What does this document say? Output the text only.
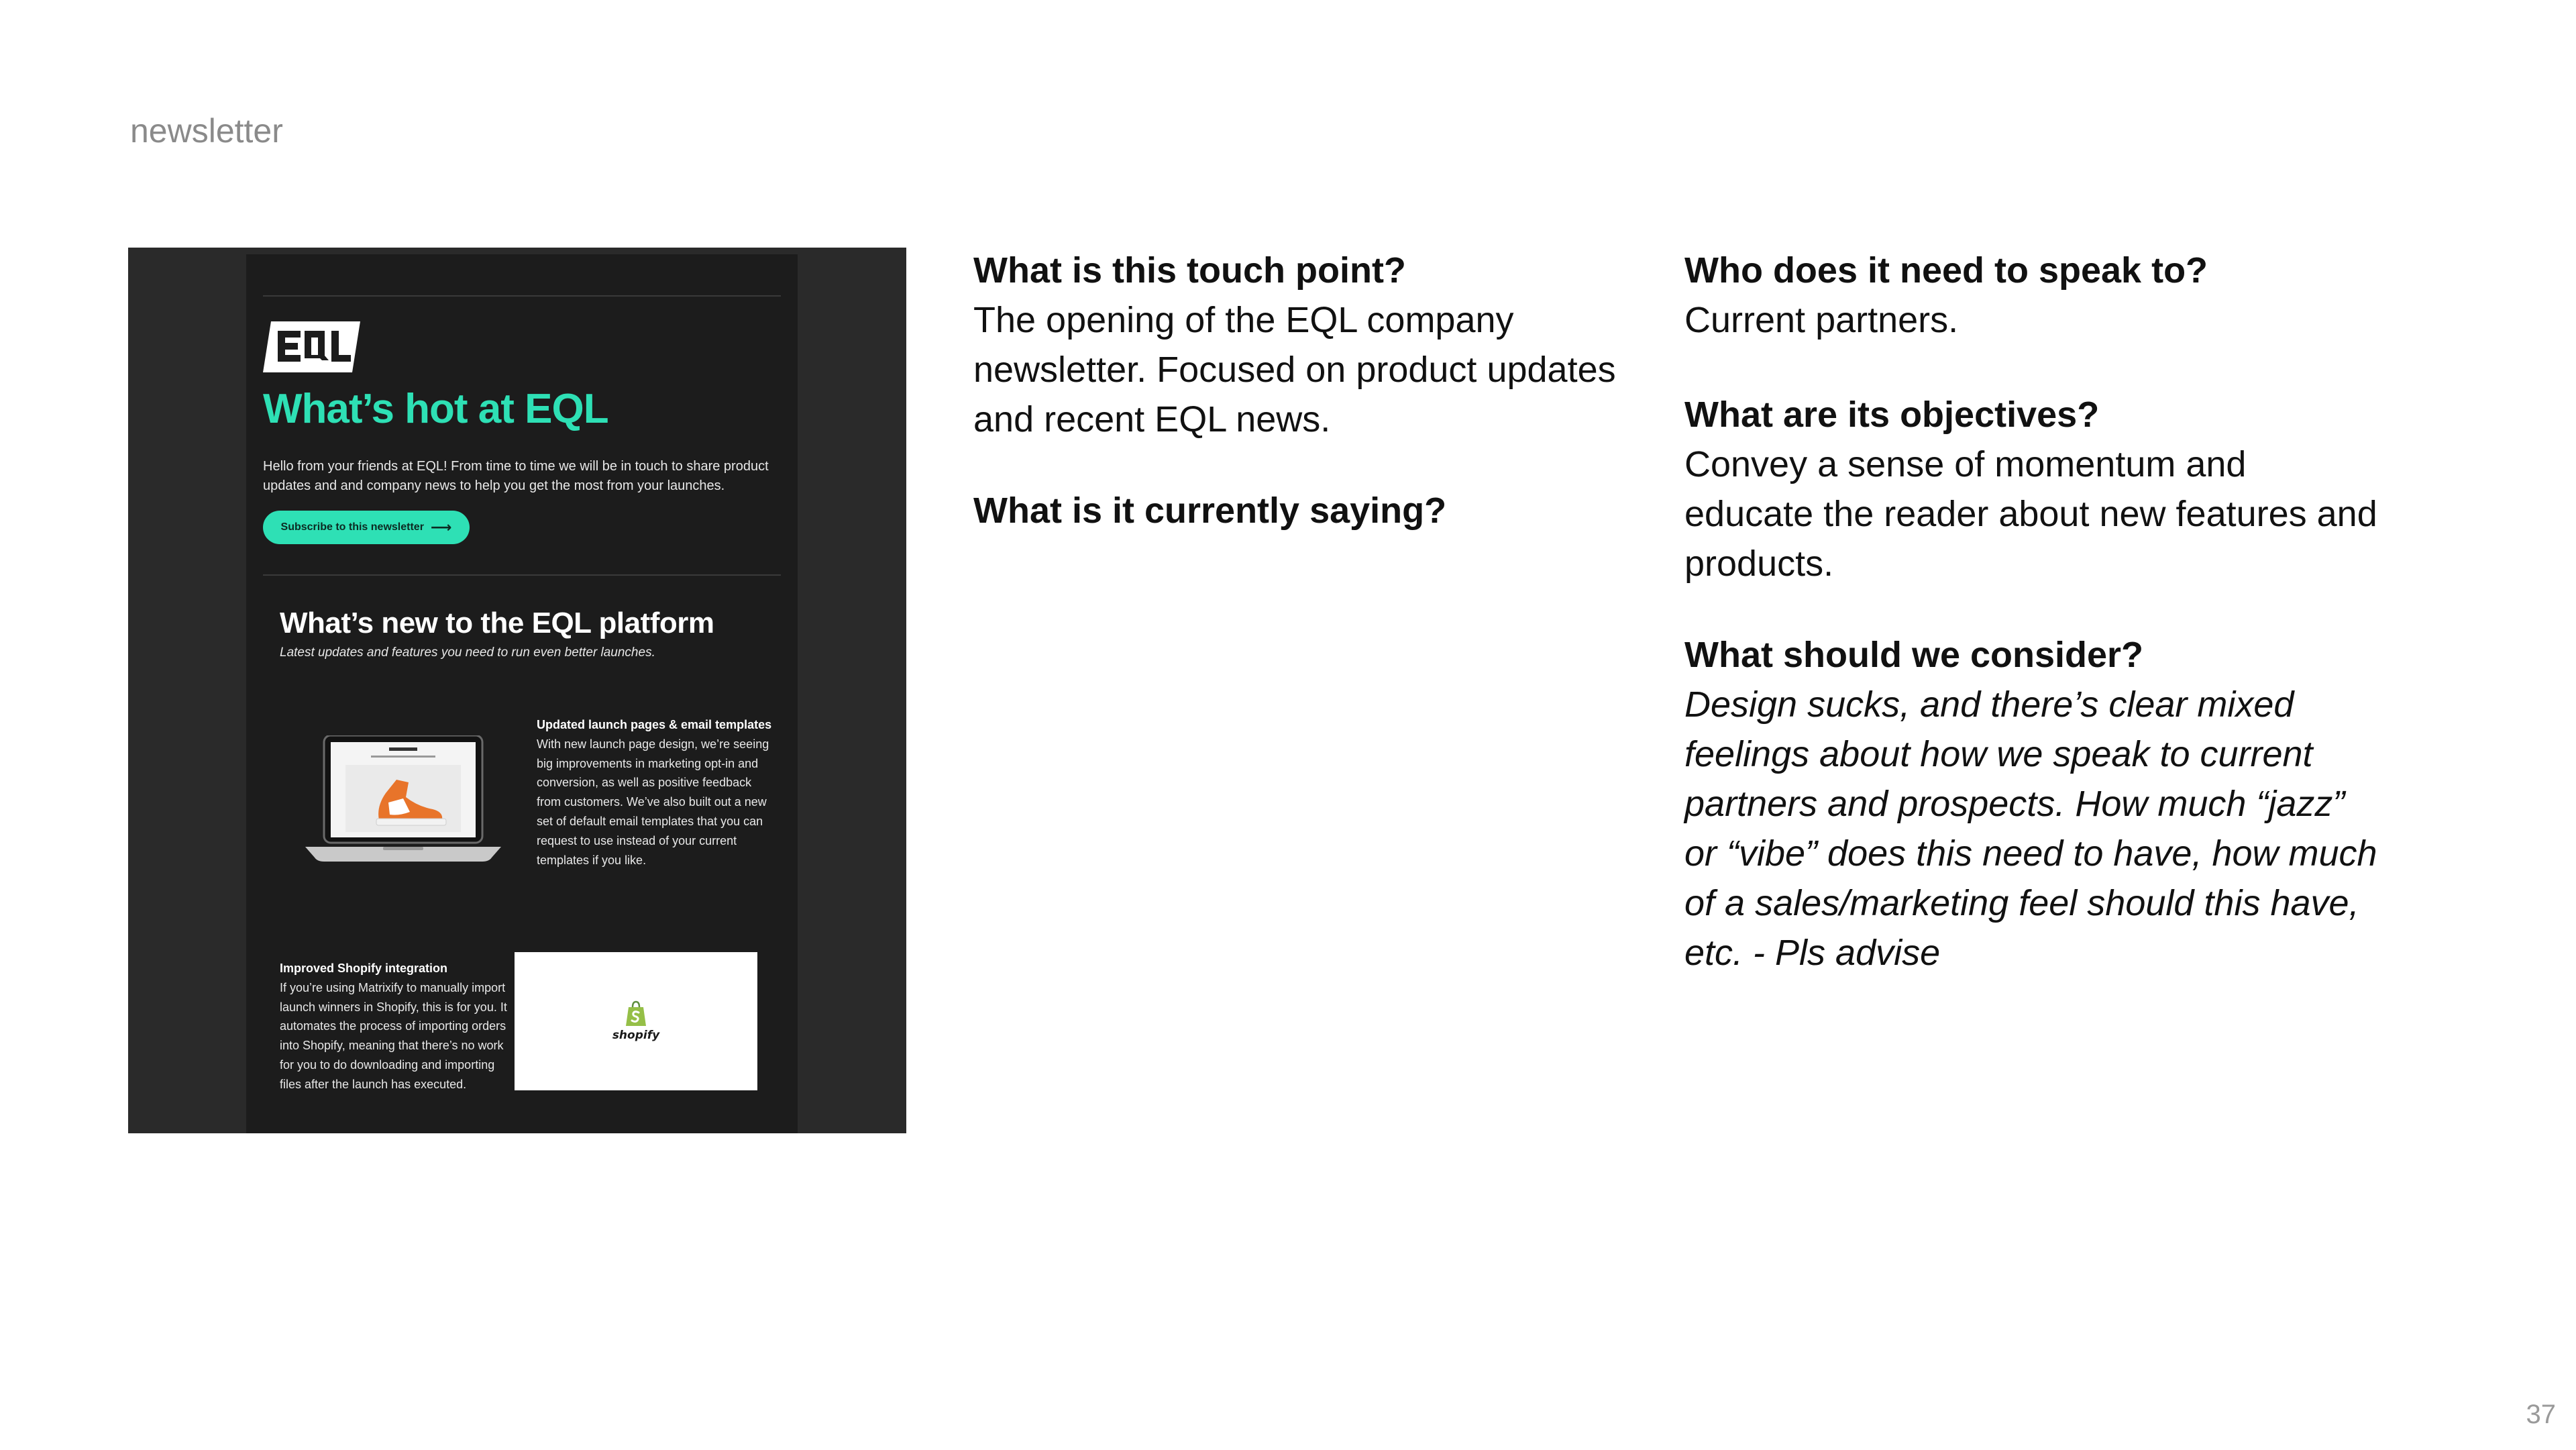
newsletter
What’s hot at EQL
Hello from your friends at EQL! From time to time we will be in touch to share product updates and and company news to help you get the most from your launches.
Subscribe to this newsletter ⟶
What’s new to the EQL platform
Latest updates and features you need to run even better launches.
Updated launch pages & email templates
With new launch page design, we’re seeing big improvements in marketing opt-in and conversion, as well as positive feedback from customers. We’ve also built out a new set of default email templates that you can request to use instead of your current templates if you like.
Improved Shopify integration
If you’re using Matrixify to manually import launch winners in Shopify, this is for you. It automates the process of importing orders into Shopify, meaning that there’s no work for you to do downloading and importing files after the launch has executed.
shopify
What is this touch point?
The opening of the EQL company newsletter. Focused on product updates and recent EQL news.
What is it currently saying?
Who does it need to speak to?
Current partners.
What are its objectives?
Convey a sense of momentum and educate the reader about new features and products.
What should we consider?
Design sucks, and there’s clear mixed feelings about how we speak to current partners and prospects. How much “jazz” or “vibe” does this need to have, how much of a sales/marketing feel should this have, etc. - Pls advise
37
